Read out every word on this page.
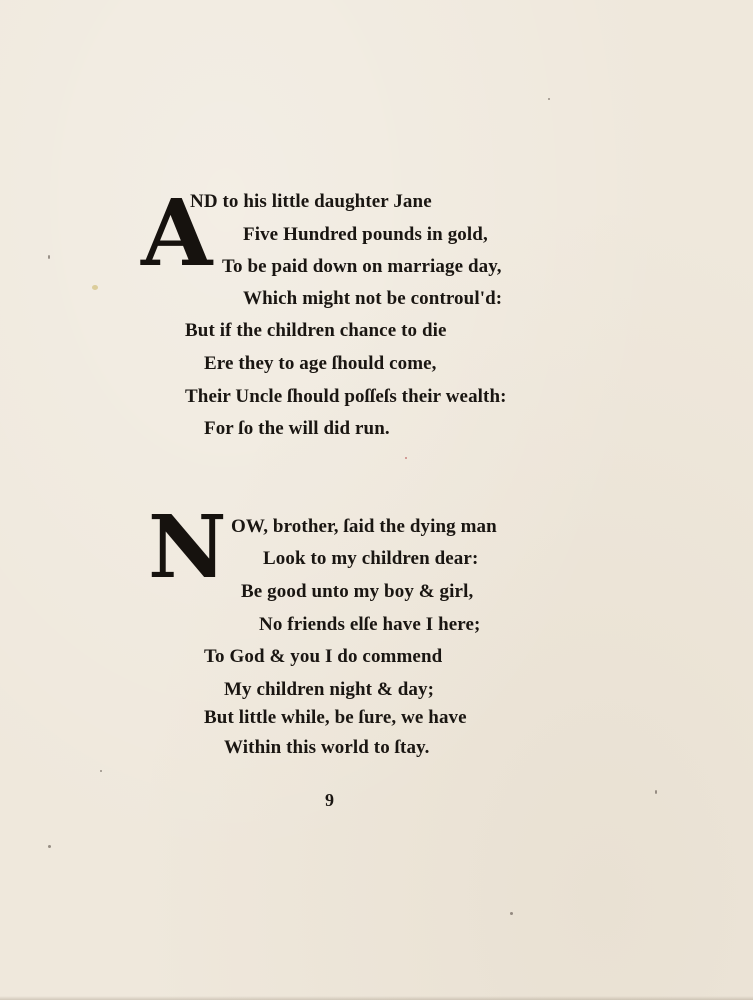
A
ND to his little daughter Jane
Five Hundred pounds in gold,
To be paid down on marriage day,
Which might not be controul'd:
But if the children chance to die
Ere they to age ſhould come,
Their Uncle ſhould poſſeſs their wealth:
For ſo the will did run.
N OW, brother, ſaid the dying man
Look to my children dear:
Be good unto my boy & girl,
No friends elſe have I here;
To God & you I do commend
My children night & day;
But little while, be ſure, we have
Within this world to ſtay.
9
